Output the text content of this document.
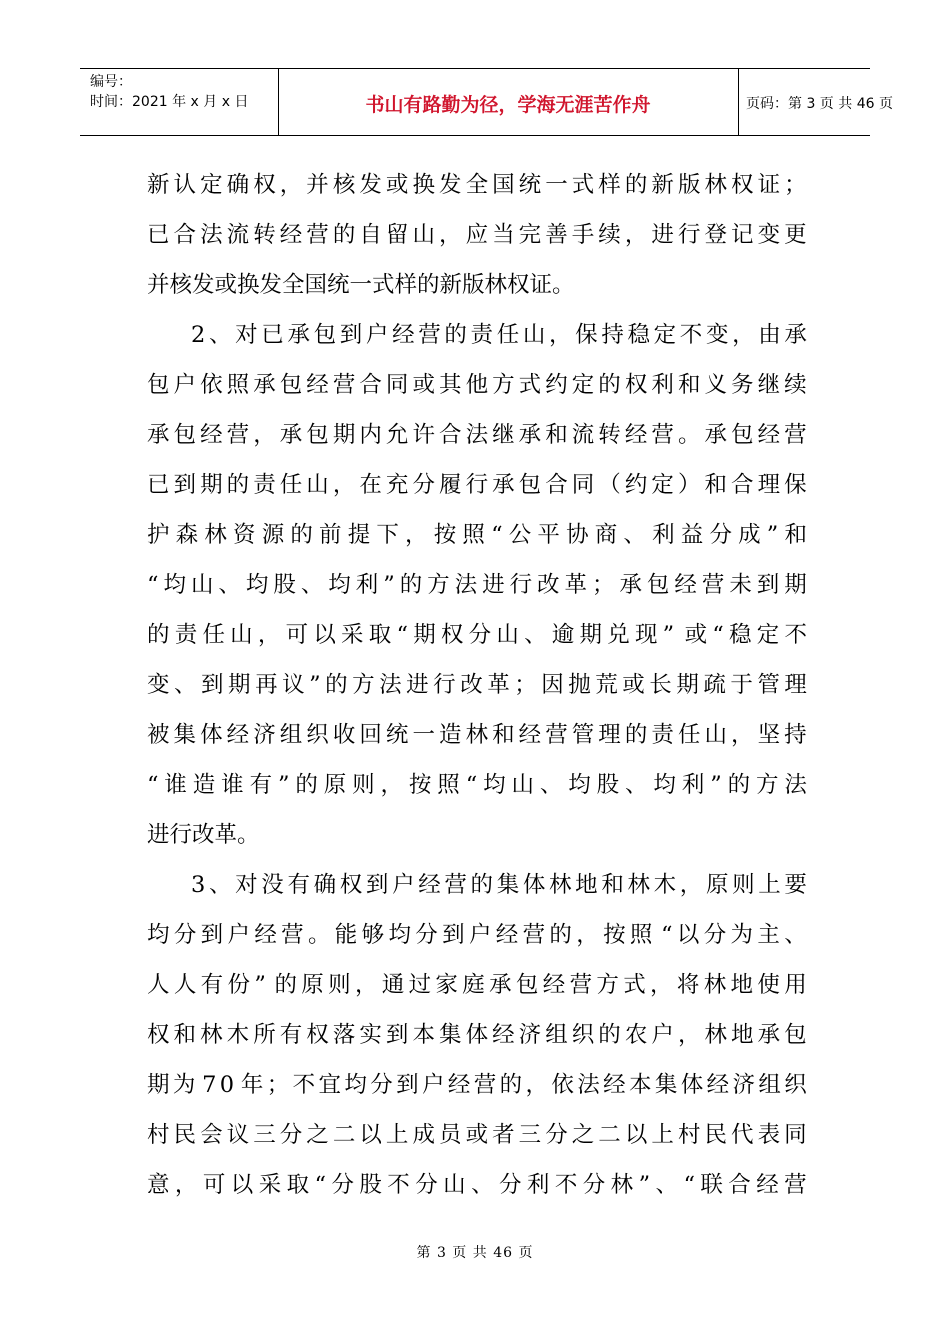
编号：
时间：2021 年 x 月 x 日	书山有路勤为径，学海无涯苦作舟	页码：第 3 页 共 46 页
新 认 定 确 权 ， 并 核 发 或 换 发 全 国 统 一 式 样 的 新 版 林 权 证 ；
已 合 法 流 转 经 营 的 自 留 山 ， 应 当 完 善 手 续 ， 进 行 登 记 变 更
并核发或换发全国统一式样的新版林权证。
2 、 对 已 承 包 到 户 经 营 的 责 任 山 ， 保 持 稳 定 不 变 ， 由 承
包 户 依 照 承 包 经 营 合 同 或 其 他 方 式 约 定 的 权 利 和 义 务 继 续
承 包 经 营 ， 承 包 期 内 允 许 合 法 继 承 和 流 转 经 营 。 承 包 经 营
已 到 期 的 责 任 山 ， 在 充 分 履 行 承 包 合 同 （ 约 定 ） 和 合 理 保
护 森 林 资 源 的 前 提 下 ， 按 照 “ 公 平 协 商 、 利 益 分 成 ” 和
“ 均 山 、 均 股 、 均 利 ” 的 方 法 进 行 改 革 ； 承 包 经 营 未 到 期
的 责 任 山 ， 可 以 采 取 “ 期 权 分 山 、 逾 期 兑 现 ” 或 “ 稳 定 不
变 、 到 期 再 议 ” 的 方 法 进 行 改 革 ； 因 抛 荒 或 长 期 疏 于 管 理
被 集 体 经 济 组 织 收 回 统 一 造 林 和 经 营 管 理 的 责 任 山 ， 坚 持
“ 谁 造 谁 有 ” 的 原 则 ， 按 照 “ 均 山 、 均 股 、 均 利 ” 的 方 法
进行改革。
3 、 对 没 有 确 权 到 户 经 营 的 集 体 林 地 和 林 木 ， 原 则 上 要
均 分 到 户 经 营 。 能 够 均 分 到 户 经 营 的 ， 按 照 “ 以 分 为 主 、
人 人 有 份 ” 的 原 则 ， 通 过 家 庭 承 包 经 营 方 式 ， 将 林 地 使 用
权 和 林 木 所 有 权 落 实 到 本 集 体 经 济 组 织 的 农 户 ， 林 地 承 包
期 为 7 0 年 ； 不 宜 均 分 到 户 经 营 的 ， 依 法 经 本 集 体 经 济 组 织
村 民 会 议 三 分 之 二 以 上 成 员 或 者 三 分 之 二 以 上 村 民 代 表 同
意 ， 可 以 采 取 “ 分 股 不 分 山 、 分 利 不 分 林 ” 、 “ 联 合 经 营
第 3 页 共 46 页
